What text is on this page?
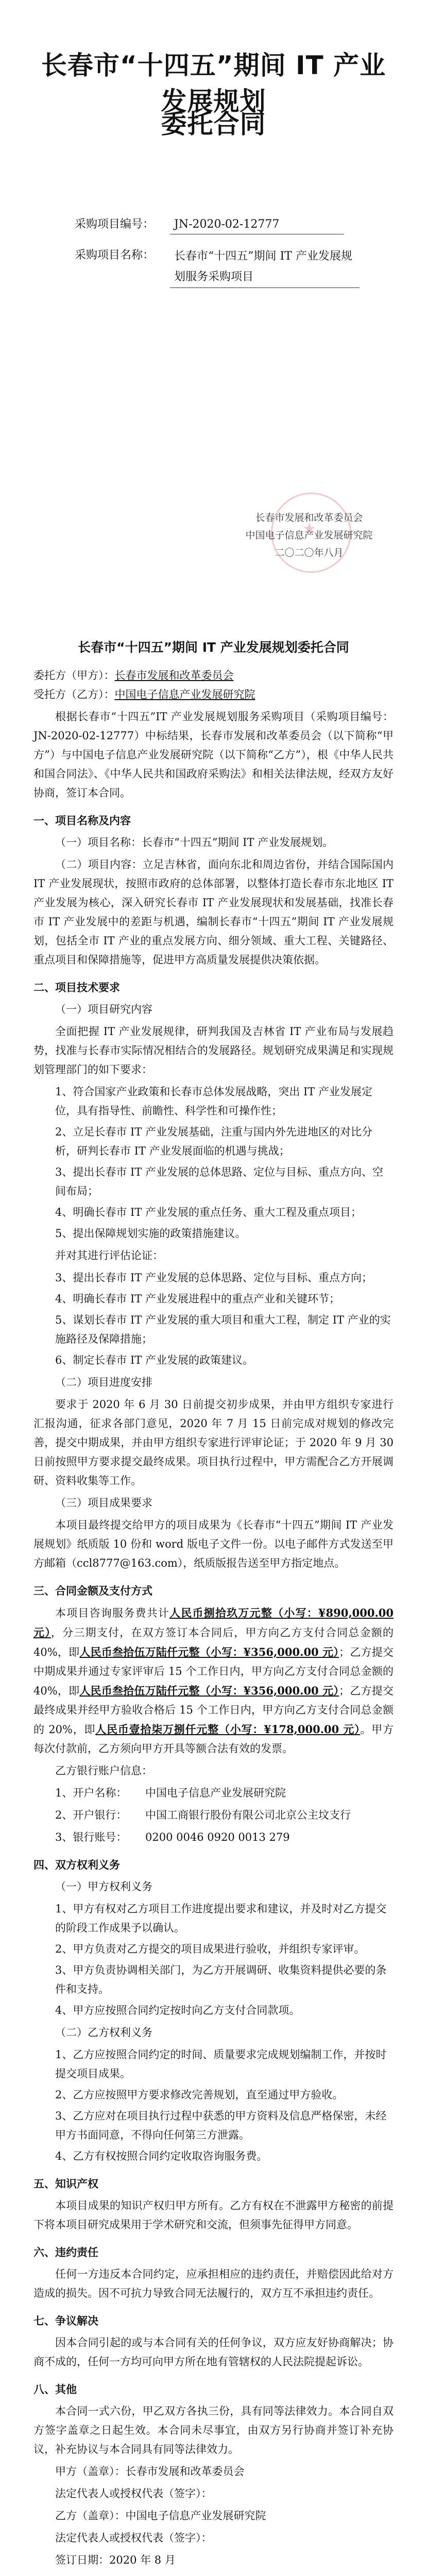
长春市“十四五”期间 IT 产业发展规划
委托合同
采购项目编号： JN-2020-02-12777
采购项目名称： 长春市“十四五”期间 IT 产业发展规划服务采购项目
★
长春市发展和改革委员会
中国电子信息产业发展研究院
二〇二〇年八月
长春市“十四五”期间 IT 产业发展规划委托合同

委托方（甲方）：长春市发展和改革委员会

受托方（乙方）：中国电子信息产业发展研究院

根据长春市“十四五”IT 产业发展规划服务采购项目（采购项目编号：JN-2020-02-12777）中标结果，长春市发展和改革委员会（以下简称“甲方”）与中国电子信息产业发展研究院（以下简称“乙方”），根《中华人民共和国合同法》、《中华人民共和国政府采购法》和相关法律法规，经双方友好协商，签订本合同。

一、项目名称及内容

（一）项目名称：长春市“十四五”期间 IT 产业发展规划。

（二）项目内容：立足吉林省，面向东北和周边省份，并结合国际国内 IT 产业发展现状，按照市政府的总体部署，以整体打造长春市东北地区 IT 产业发展为核心，深入研究长春市 IT 产业发展现状和发展基础，找准长春市 IT 产业发展中的差距与机遇，编制长春市“十四五”期间 IT 产业发展规划，包括全市 IT 产业的重点发展方向、细分领域、重大工程、关键路径、重点项目和保障措施等，促进甲方高质量发展提供决策依据。

二、项目技术要求

（一）项目研究内容

全面把握 IT 产业发展规律，研判我国及吉林省 IT 产业布局与发展趋势，找准与长春市实际情况相结合的发展路径。规划研究成果满足和实现规划管理部门的如下要求：

1、符合国家产业政策和长春市总体发展战略，突出 IT 产业发展定位，具有指导性、前瞻性、科学性和可操作性；

2、立足长春市 IT 产业发展基础，注重与国内外先进地区的对比分析，研判长春市 IT 产业发展面临的机遇与挑战；

3、提出长春市 IT 产业发展的总体思路、定位与目标、重点方向、空间布局；

4、明确长春市 IT 产业发展的重点任务、重大工程及重点项目；

5、提出保障规划实施的政策措施建议。

并对其进行评估论证：

3、提出长春市 IT 产业发展的总体思路、定位与目标、重点方向；

4、明确长春市 IT 产业发展进程中的重点产业和关键环节；

5、谋划长春市 IT 产业发展的重大项目和重大工程，制定 IT 产业的实施路径及保障措施；

6、制定长春市 IT 产业发展的政策建议。

（二）项目进度安排

要求于 2020 年 6 月 30 日前提交初步成果，并由甲方组织专家进行汇报沟通，征求各部门意见，2020 年 7 月 15 日前完成对规划的修改完善，提交中期成果，并由甲方组织专家进行评审论证；于 2020 年 9 月 30 日前按照甲方要求提交最终成果。项目执行过程中，甲方需配合乙方开展调研、资料收集等工作。

（三）项目成果要求

本项目最终提交给甲方的项目成果为《长春市“十四五”期间 IT 产业发展规划》纸质版 10 份和 word 版电子文件一份。以电子邮件方式发送至甲方邮箱（ccl8777@163.com），纸质版报告送至甲方指定地点。

三、合同金额及支付方式

本项目咨询服务费共计人民币捌拾玖万元整（小写：¥890,000.00 元），分三期支付，在双方签订本合同后，甲方向乙方支付合同总金额的 40%，即人民币叁拾伍万陆仟元整（小写：¥356,000.00 元）；乙方提交中期成果并通过专家评审后 15 个工作日内，甲方向乙方支付合同总金额的 40%，即人民币叁拾伍万陆仟元整（小写：¥356,000.00 元）；乙方提交最终成果并经甲方验收合格后 15 个工作日内，甲方向乙方支付合同总金额的 20%，即人民币壹拾柒万捌仟元整（小写：¥178,000.00 元）。甲方每次付款前，乙方须向甲方开具等额合法有效的发票。

乙方银行账户信息：

1、开户名称： 中国电子信息产业发展研究院

2、开户银行： 中国工商银行股份有限公司北京公主坟支行

3、银行账号： 0200 0046 0920 0013 279

四、双方权利义务

（一）甲方权利义务

1、甲方有权对乙方项目工作进度提出要求和建议，并及时对乙方提交的阶段工作成果予以确认。

2、甲方负责对乙方提交的项目成果进行验收，并组织专家评审。

3、甲方负责协调相关部门，为乙方开展调研、收集资料提供必要的条件和支持。

4、甲方应按照合同约定按时向乙方支付合同款项。

（二）乙方权利义务

1、乙方应按照合同约定的时间、质量要求完成规划编制工作，并按时提交项目成果。

2、乙方应按照甲方要求修改完善规划，直至通过甲方验收。

3、乙方应对在项目执行过程中获悉的甲方资料及信息严格保密，未经甲方书面同意，不得向任何第三方泄露。

4、乙方有权按照合同约定收取咨询服务费。

五、知识产权

本项目成果的知识产权归甲方所有。乙方有权在不泄露甲方秘密的前提下将本项目研究成果用于学术研究和交流，但须事先征得甲方同意。

六、违约责任

任何一方违反本合同约定，应承担相应的违约责任，并赔偿因此给对方造成的损失。因不可抗力导致合同无法履行的，双方互不承担违约责任。

七、争议解决

因本合同引起的或与本合同有关的任何争议，双方应友好协商解决；协商不成的，任何一方均可向甲方所在地有管辖权的人民法院提起诉讼。

八、其他

本合同一式六份，甲乙双方各执三份，具有同等法律效力。本合同自双方签字盖章之日起生效。本合同未尽事宜，由双方另行协商并签订补充协议，补充协议与本合同具有同等法律效力。

甲方（盖章）：长春市发展和改革委员会

法定代表人或授权代表（签字）：

乙方（盖章）：中国电子信息产业发展研究院

法定代表人或授权代表（签字）：

签订日期：2020 年 8 月
